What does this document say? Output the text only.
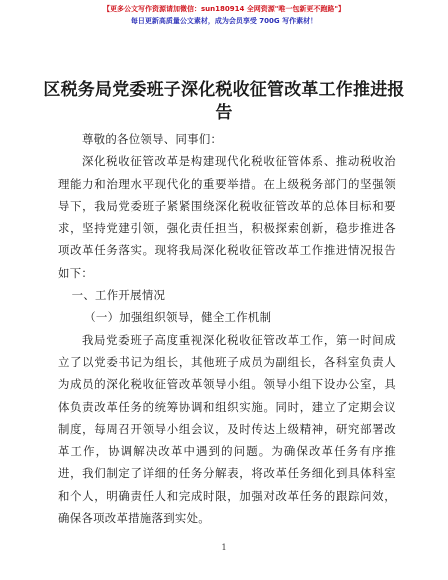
【更多公文写作资源请加微信：sun180914 全网资源"唯一包新更不跑路"】
每日更新高质量公文素材，成为会员享受 700G 写作素材！
区税务局党委班子深化税收征管改革工作推进报告

尊敬的各位领导、同事们：

深化税收征管改革是构建现代化税收征管体系、推动税收治理能力和治理水平现代化的重要举措。在上级税务部门的坚强领导下，我局党委班子紧紧围绕深化税收征管改革的总体目标和要求，坚持党建引领，强化责任担当，积极探索创新，稳步推进各项改革任务落实。现将我局深化税收征管改革工作推进情况报告如下：

一、工作开展情况

（一）加强组织领导，健全工作机制

我局党委班子高度重视深化税收征管改革工作，第一时间成立了以党委书记为组长，其他班子成员为副组长，各科室负责人为成员的深化税收征管改革领导小组。领导小组下设办公室，具体负责改革任务的统筹协调和组织实施。同时，建立了定期会议制度，每周召开领导小组会议，及时传达上级精神，研究部署改革工作，协调解决改革中遇到的问题。为确保改革任务有序推进，我们制定了详细的任务分解表，将改革任务细化到具体科室和个人，明确责任人和完成时限，加强对改革任务的跟踪问效，确保各项改革措施落到实处。

1
